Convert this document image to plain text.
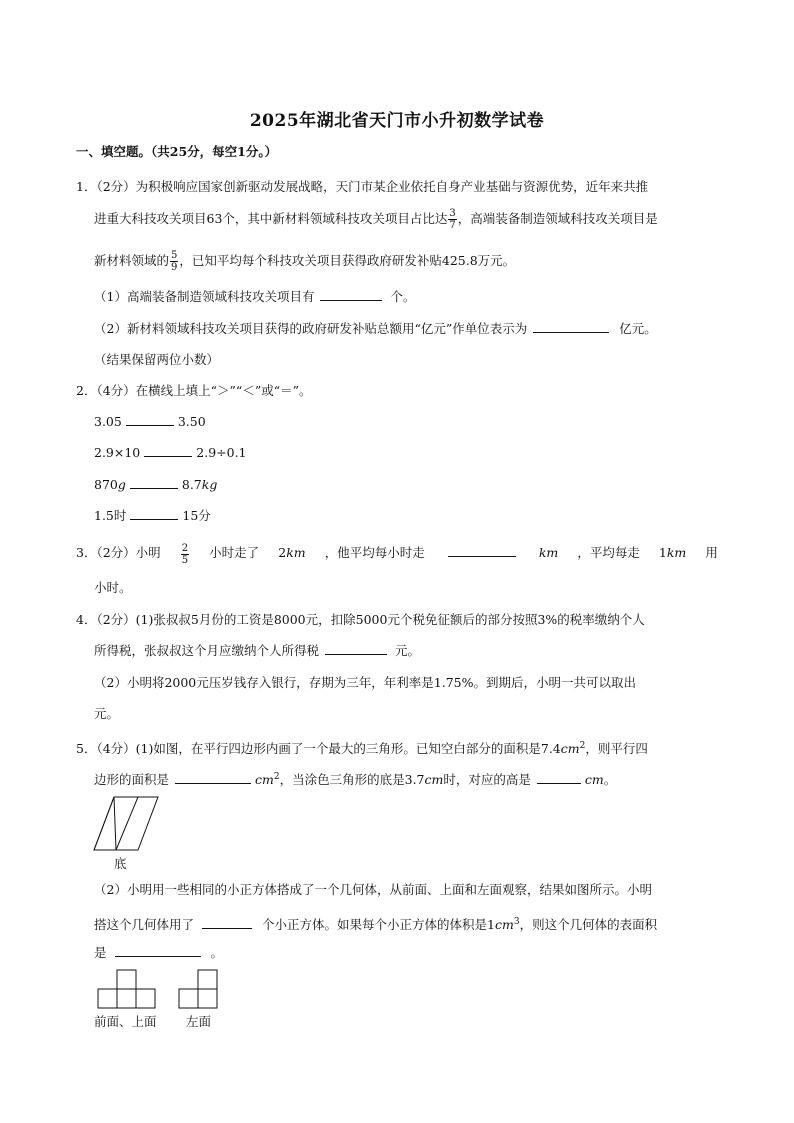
2025年湖北省天门市小升初数学试卷
一、填空题。（共25分，每空1分。）
1．（2分）为积极响应国家创新驱动发展战略，天门市某企业依托自身产业基础与资源优势，近年来共推
进重大科技攻关项目63个，其中新材料领域科技攻关项目占比达 $\frac{3}{7}$ ，高端装备制造领域科技攻关项目是
新材料领域的 $\frac{5}{9}$ ，已知平均每个科技攻关项目获得政府研发补贴425.8万元。
（1）高端装备制造领域科技攻关项目有	个。
（2）新材料领域科技攻关项目获得的政府研发补贴总额用“亿元”作单位表示为	亿元。
（结果保留两位小数）
2．（4分）在横线上填上“＞”“＜”或“＝”。
3.05	3.50
2.9×10	2.9÷0.1
870g	8.7kg
1.5时	15分
3．（2分）小明 $\frac{2}{5}$ 小时走了 2km ，他平均每小时走	km ，平均每走 1km 用
小时。
4．（2分）(1)张叔叔5月份的工资是8000元，扣除5000元个税免征额后的部分按照3%的税率缴纳个人
所得税，张叔叔这个月应缴纳个人所得税	元。
（2）小明将2000元压岁钱存入银行，存期为三年，年利率是1.75%。到期后，小明一共可以取出
元。
5．（4分）(1)如图，在平行四边形内画了一个最大的三角形。已知空白部分的面积是$7.4cm^2$，则平行四
边形的面积是	$cm^2$，当涂色三角形的底是3.7cm时，对应的高是	cm。
底
（2）小明用一些相同的小正方体搭成了一个几何体，从前面、上面和左面观察，结果如图所示。小明
搭这个几何体用了	个小正方体。如果每个小正方体的体积是$1cm^3$，则这个几何体的表面积
是	。
前面、上面 左面
